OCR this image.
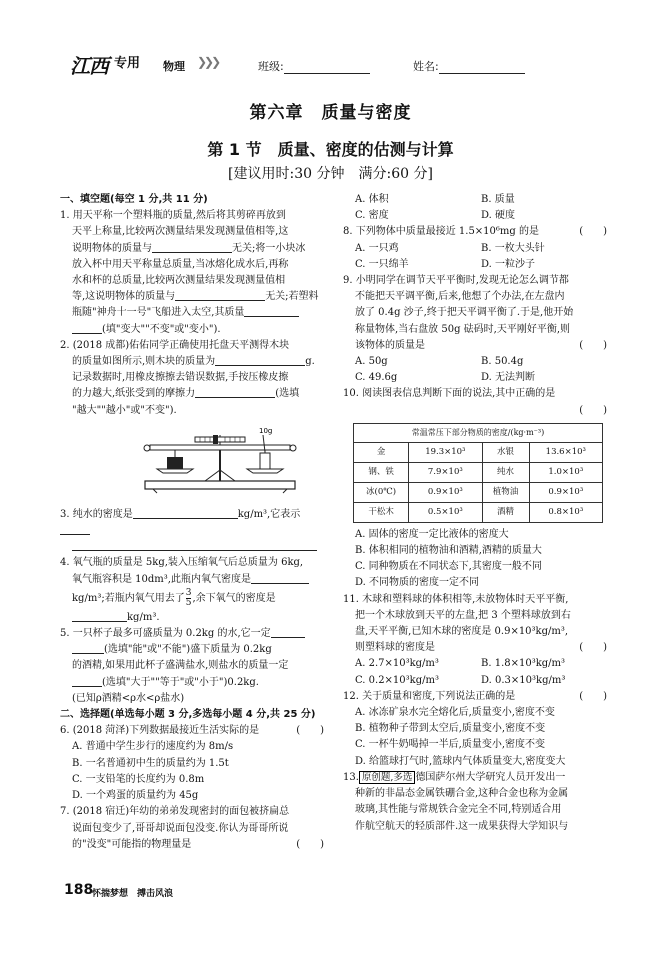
江西 专用 物理 ❯❯❯	班级:	姓名:
第六章　质量与密度
第 1 节　质量、密度的估测与计算
[建议用时:30 分钟　满分:60 分]

一、填空题(每空 1 分,共 11 分)

1. 用天平称一个塑料瓶的质量,然后将其剪碎再放到

天平上称量,比较两次测量结果发现测量值相等,这

说明物体的质量与	无关;将一小块冰

放入杯中用天平称量总质量,当冰熔化成水后,再称

水和杯的总质量,比较两次测量结果发现测量值相

等,这说明物体的质量与	无关;若塑料

瓶随"神舟十一号"飞船进入太空,其质量

(填"变大""不变"或"变小").

2. (2018 成都)佑佑同学正确使用托盘天平测得木块

的质量如图所示,则木块的质量为	g.

记录数据时,用橡皮擦擦去错误数据,手按压橡皮擦

的力越大,纸张受到的摩擦力	(选填

"越大""越小"或"不变").

3. 纯水的密度是	kg/m³,它表示

4. 氧气瓶的质量是 5kg,装入压缩氧气后总质量为 6kg,

氧气瓶容积是 10dm³,此瓶内氧气密度是

kg/m³;若瓶内氧气用去了 $\frac{3}{5}$ ,余下氧气的密度是

kg/m³.

5. 一只杯子最多可盛质量为 0.2kg 的水,它一定

(选填"能"或"不能")盛下质量为 0.2kg

的酒精,如果用此杯子盛满盐水,则盐水的质量一定

(选填"大于""等于"或"小于")0.2kg.

(已知ρ酒精<ρ水<ρ盐水)

二、选择题(单选每小题 3 分,多选每小题 4 分,共 25 分)

6. (2018 菏泽)下列数据最接近生活实际的是	(　　)

A. 普通中学生步行的速度约为 8m/s

B. 一名普通初中生的质量约为 1.5t

C. 一支铅笔的长度约为 0.8m

D. 一个鸡蛋的质量约为 45g

7. (2018 宿迁)年幼的弟弟发现密封的面包被挤扁总

说面包变少了,哥哥却说面包没变.你认为哥哥所说

的"没变"可能指的物理量是	(　　)

10g
A. 体积	B. 质量
C. 密度	D. 硬度

8. 下列物体中质量最接近 1.5×10⁶mg 的是	(　　)

A. 一只鸡	B. 一枚大头针
C. 一只绵羊	D. 一粒沙子

9. 小明同学在调节天平平衡时,发现无论怎么调节都

不能把天平调平衡,后来,他想了个办法,在左盘内

放了 0.4g 沙子,终于把天平调平衡了.于是,他开始

称量物体,当右盘放 50g 砝码时,天平刚好平衡,则

该物体的质量是	(　　)

A. 50g	B. 50.4g
C. 49.6g	D. 无法判断

10. 阅读图表信息判断下面的说法,其中正确的是

(　　)

常温常压下部分物质的密度/(kg·m⁻³)			
金	19.3×10³	水银	13.6×10³
钢、铁	7.9×10³	纯水	1.0×10³
冰(0℃)	0.9×10³	植物油	0.9×10³
干松木	0.5×10³	酒精	0.8×10³

A. 固体的密度一定比液体的密度大

B. 体积相同的植物油和酒精,酒精的质量大

C. 同种物质在不同状态下,其密度一般不同

D. 不同物质的密度一定不同

11. 木球和塑料球的体积相等,未放物体时天平平衡,

把一个木球放到天平的左盘,把 3 个塑料球放到右

盘,天平平衡,已知木球的密度是 0.9×10³kg/m³,

则塑料球的密度是	(　　)

A. 2.7×10³kg/m³	B. 1.8×10³kg/m³
C. 0.2×10³kg/m³	D. 0.3×10³kg/m³

12. 关于质量和密度,下列说法正确的是	(　　)

A. 冰冻矿泉水完全熔化后,质量变小,密度不变

B. 植物种子带到太空后,质量变小,密度不变

C. 一杯牛奶喝掉一半后,质量变小,密度不变

D. 给篮球打气时,篮球内气体质量变大,密度变大

13. 原创题,多选 德国萨尔州大学研究人员开发出一

种新的非晶态金属铁硼合金,这种合金也称为金属

玻璃,其性能与常规铁合金完全不同,特别适合用

作航空航天的轻质部件.这一成果获得大学知识与

188
怀揣梦想　搏击风浪
